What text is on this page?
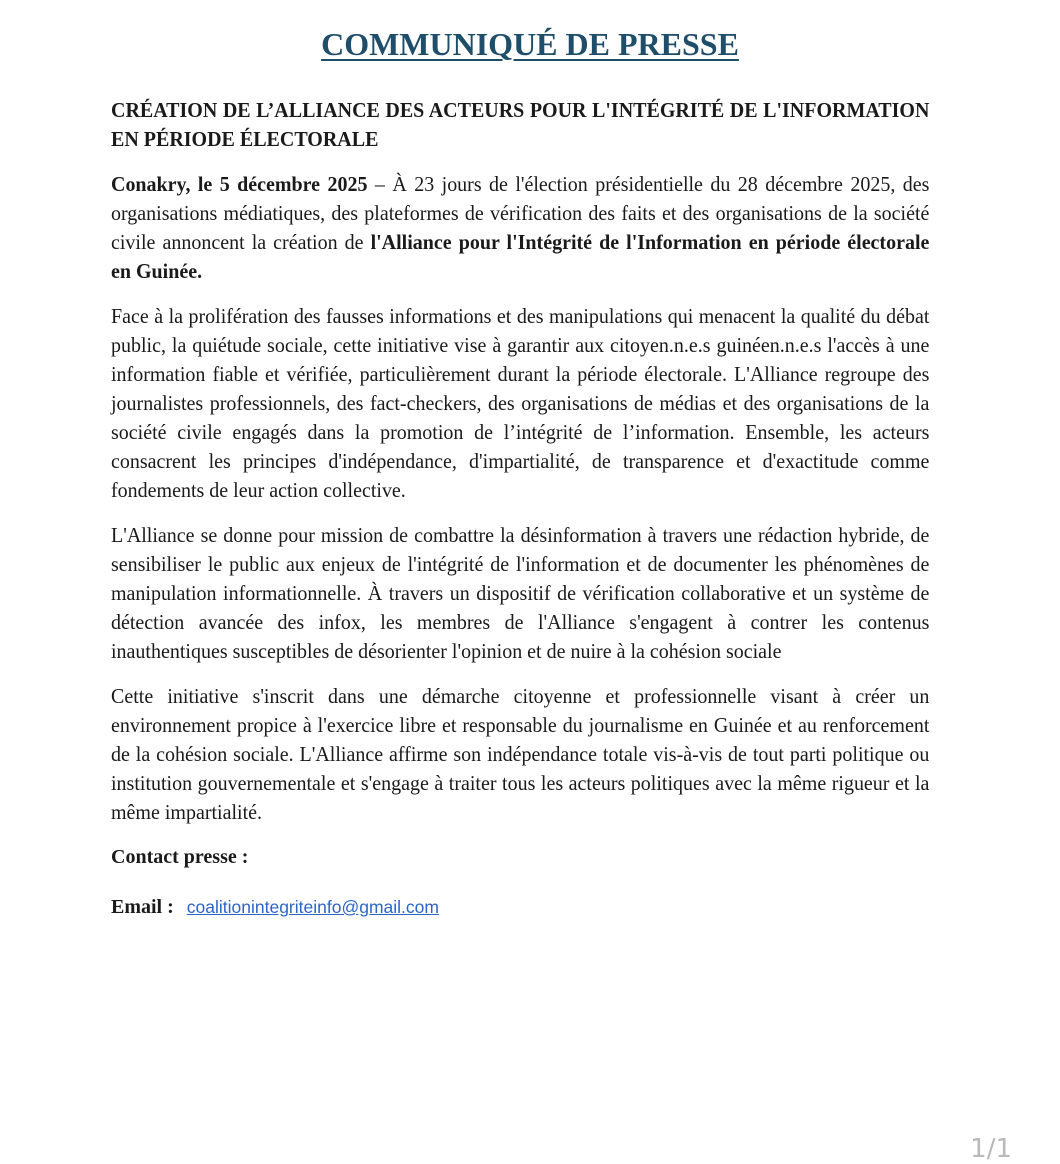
COMMUNIQUÉ DE PRESSE

CRÉATION DE L’ALLIANCE DES ACTEURS POUR L'INTÉGRITÉ DE L'INFORMATION EN PÉRIODE ÉLECTORALE

Conakry, le 5 décembre 2025 – À 23 jours de l'élection présidentielle du 28 décembre 2025, des organisations médiatiques, des plateformes de vérification des faits et des organisations de la société civile annoncent la création de l'Alliance pour l'Intégrité de l'Information en période électorale en Guinée.

Face à la prolifération des fausses informations et des manipulations qui menacent la qualité du débat public, la quiétude sociale, cette initiative vise à garantir aux citoyen.n.e.s guinéen.n.e.s l'accès à une information fiable et vérifiée, particulièrement durant la période électorale. L'Alliance regroupe des journalistes professionnels, des fact-checkers, des organisations de médias et des organisations de la société civile engagés dans la promotion de l’intégrité de l’information. Ensemble, les acteurs consacrent les principes d'indépendance, d'impartialité, de transparence et d'exactitude comme fondements de leur action collective.

L'Alliance se donne pour mission de combattre la désinformation à travers une rédaction hybride, de sensibiliser le public aux enjeux de l'intégrité de l'information et de documenter les phénomènes de manipulation informationnelle. À travers un dispositif de vérification collaborative et un système de détection avancée des infox, les membres de l'Alliance s'engagent à contrer les contenus inauthentiques susceptibles de désorienter l'opinion et de nuire à la cohésion sociale

Cette initiative s'inscrit dans une démarche citoyenne et professionnelle visant à créer un environnement propice à l'exercice libre et responsable du journalisme en Guinée et au renforcement de la cohésion sociale. L'Alliance affirme son indépendance totale vis-à-vis de tout parti politique ou institution gouvernementale et s'engage à traiter tous les acteurs politiques avec la même rigueur et la même impartialité.

Contact presse :
Email : coalitionintegriteinfo@gmail.com
1/1
